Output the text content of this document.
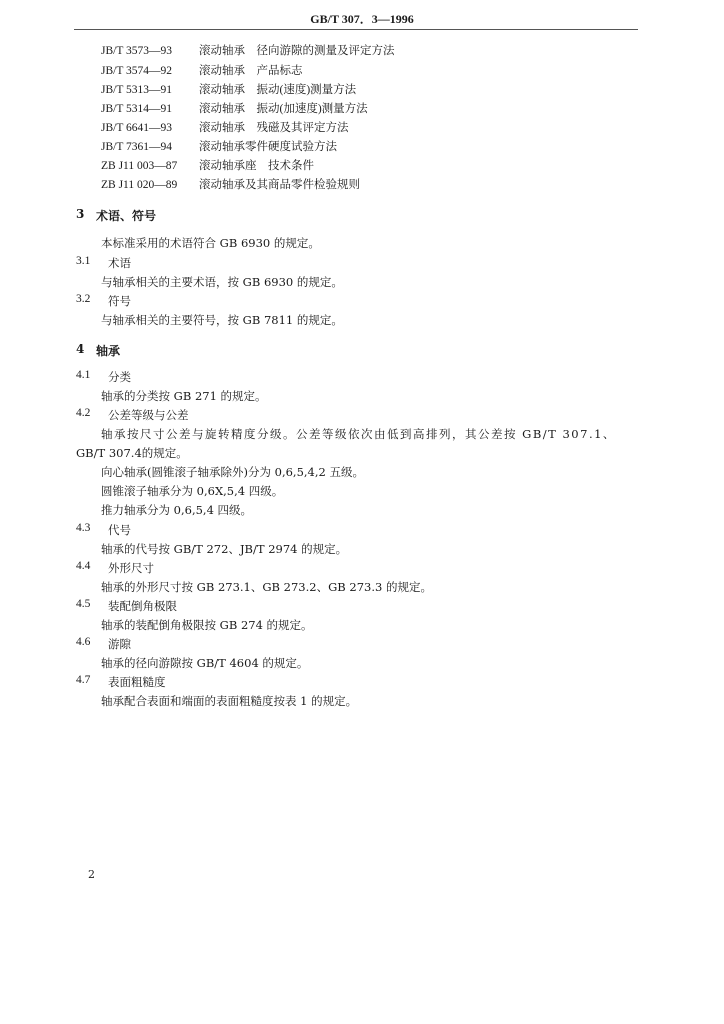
GB/T 307．3—1996
JB/T 3573—93 滚动轴承　径向游隙的测量及评定方法
JB/T 3574—92 滚动轴承　产品标志
JB/T 5313—91 滚动轴承　振动(速度)测量方法
JB/T 5314—91 滚动轴承　振动(加速度)测量方法
JB/T 6641—93 滚动轴承　残磁及其评定方法
JB/T 7361—94 滚动轴承零件硬度试验方法
ZB J11 003—87 滚动轴承座　技术条件
ZB J11 020—89 滚动轴承及其商品零件检验规则
3 术语、符号
本标准采用的术语符合 GB 6930 的规定。
3.1 术语
与轴承相关的主要术语，按 GB 6930 的规定。
3.2 符号
与轴承相关的主要符号，按 GB 7811 的规定。
4 轴承
4.1 分类
轴承的分类按 GB 271 的规定。
4.2 公差等级与公差
轴承按尺寸公差与旋转精度分级。公差等级依次由低到高排列，其公差按 GB/T 307.1、
GB/T 307.4的规定。
向心轴承(圆锥滚子轴承除外)分为 0,6,5,4,2 五级。
圆锥滚子轴承分为 0,6X,5,4 四级。
推力轴承分为 0,6,5,4 四级。
4.3 代号
轴承的代号按 GB/T 272、JB/T 2974 的规定。
4.4 外形尺寸
轴承的外形尺寸按 GB 273.1、GB 273.2、GB 273.3 的规定。
4.5 装配倒角极限
轴承的装配倒角极限按 GB 274 的规定。
4.6 游隙
轴承的径向游隙按 GB/T 4604 的规定。
4.7 表面粗糙度
轴承配合表面和端面的表面粗糙度按表 1 的规定。
2
